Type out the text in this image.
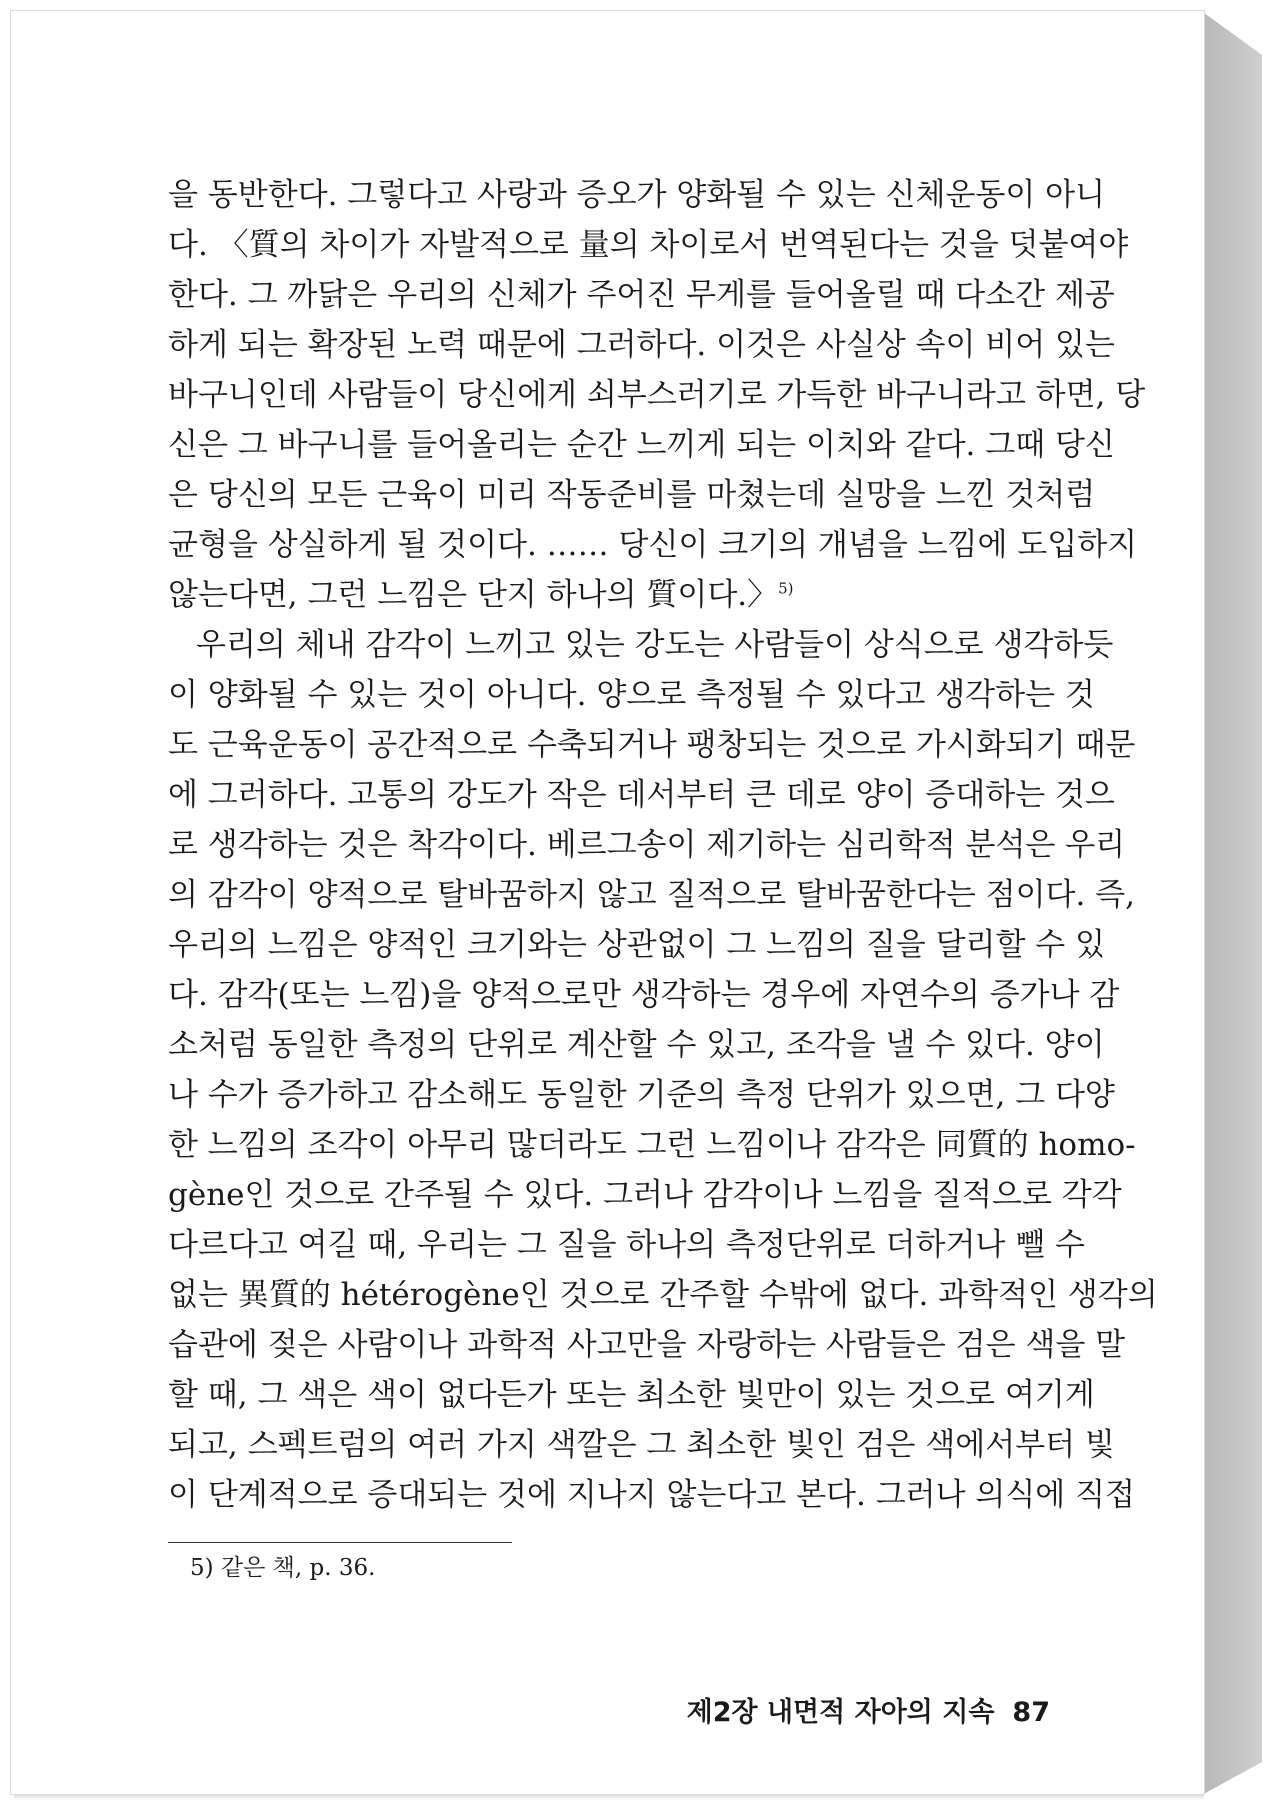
을 동반한다. 그렇다고 사랑과 증오가 양화될 수 있는 신체운동이 아니
다. 〈質의 차이가 자발적으로 量의 차이로서 번역된다는 것을 덧붙여야
한다. 그 까닭은 우리의 신체가 주어진 무게를 들어올릴 때 다소간 제공
하게 되는 확장된 노력 때문에 그러하다. 이것은 사실상 속이 비어 있는
바구니인데 사람들이 당신에게 쇠부스러기로 가득한 바구니라고 하면, 당
신은 그 바구니를 들어올리는 순간 느끼게 되는 이치와 같다. 그때 당신
은 당신의 모든 근육이 미리 작동준비를 마쳤는데 실망을 느낀 것처럼
균형을 상실하게 될 것이다. …… 당신이 크기의 개념을 느낌에 도입하지
않는다면, 그런 느낌은 단지 하나의 質이다.〉$^{5)}$
우리의 체내 감각이 느끼고 있는 강도는 사람들이 상식으로 생각하듯
이 양화될 수 있는 것이 아니다. 양으로 측정될 수 있다고 생각하는 것
도 근육운동이 공간적으로 수축되거나 팽창되는 것으로 가시화되기 때문
에 그러하다. 고통의 강도가 작은 데서부터 큰 데로 양이 증대하는 것으
로 생각하는 것은 착각이다. 베르그송이 제기하는 심리학적 분석은 우리
의 감각이 양적으로 탈바꿈하지 않고 질적으로 탈바꿈한다는 점이다. 즉,
우리의 느낌은 양적인 크기와는 상관없이 그 느낌의 질을 달리할 수 있
다. 감각(또는 느낌)을 양적으로만 생각하는 경우에 자연수의 증가나 감
소처럼 동일한 측정의 단위로 계산할 수 있고, 조각을 낼 수 있다. 양이
나 수가 증가하고 감소해도 동일한 기준의 측정 단위가 있으면, 그 다양
한 느낌의 조각이 아무리 많더라도 그런 느낌이나 감각은 同質的 homo-
gène인 것으로 간주될 수 있다. 그러나 감각이나 느낌을 질적으로 각각
다르다고 여길 때, 우리는 그 질을 하나의 측정단위로 더하거나 뺄 수
없는 異質的 hétérogène인 것으로 간주할 수밖에 없다. 과학적인 생각의
습관에 젖은 사람이나 과학적 사고만을 자랑하는 사람들은 검은 색을 말
할 때, 그 색은 색이 없다든가 또는 최소한 빛만이 있는 것으로 여기게
되고, 스펙트럼의 여러 가지 색깔은 그 최소한 빛인 검은 색에서부터 빛
이 단계적으로 증대되는 것에 지나지 않는다고 본다. 그러나 의식에 직접
5) 같은 책, p. 36.
제2장 내면적 자아의 지속 87
